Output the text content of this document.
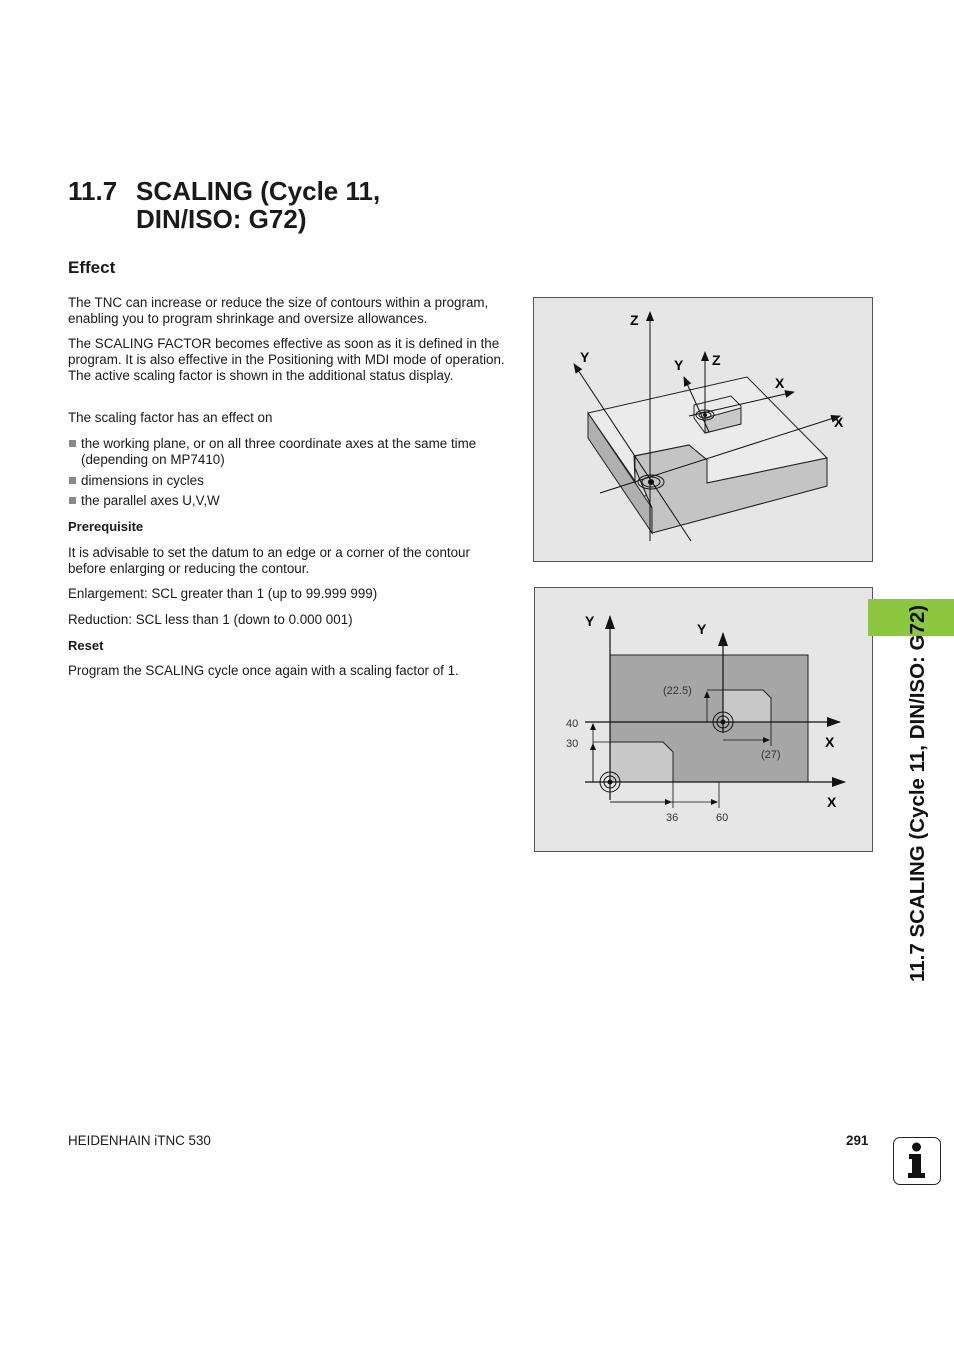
11.7 SCALING (Cycle 11,
DIN/ISO: G72)
Effect
The TNC can increase or reduce the size of contours within a program, enabling you to program shrinkage and oversize allowances.
The SCALING FACTOR becomes effective as soon as it is defined in the program. It is also effective in the Positioning with MDI mode of operation. The active scaling factor is shown in the additional status display.
The scaling factor has an effect on
the working plane, or on all three coordinate axes at the same time (depending on MP7410)
dimensions in cycles
the parallel axes U,V,W
Prerequisite
It is advisable to set the datum to an edge or a corner of the contour before enlarging or reducing the contour.
Enlargement: SCL greater than 1 (up to 99.999 999)
Reduction: SCL less than 1 (down to 0.000 001)
Reset
Program the SCALING cycle once again with a scaling factor of 1.
Z
Y	Y Z
X
X
Y	Y
X
X
(22.5)
40
30
(27)
36	60	11.7 SCALING (Cycle 11, DIN/ISO: G72)
HEIDENHAIN iTNC 530	291
